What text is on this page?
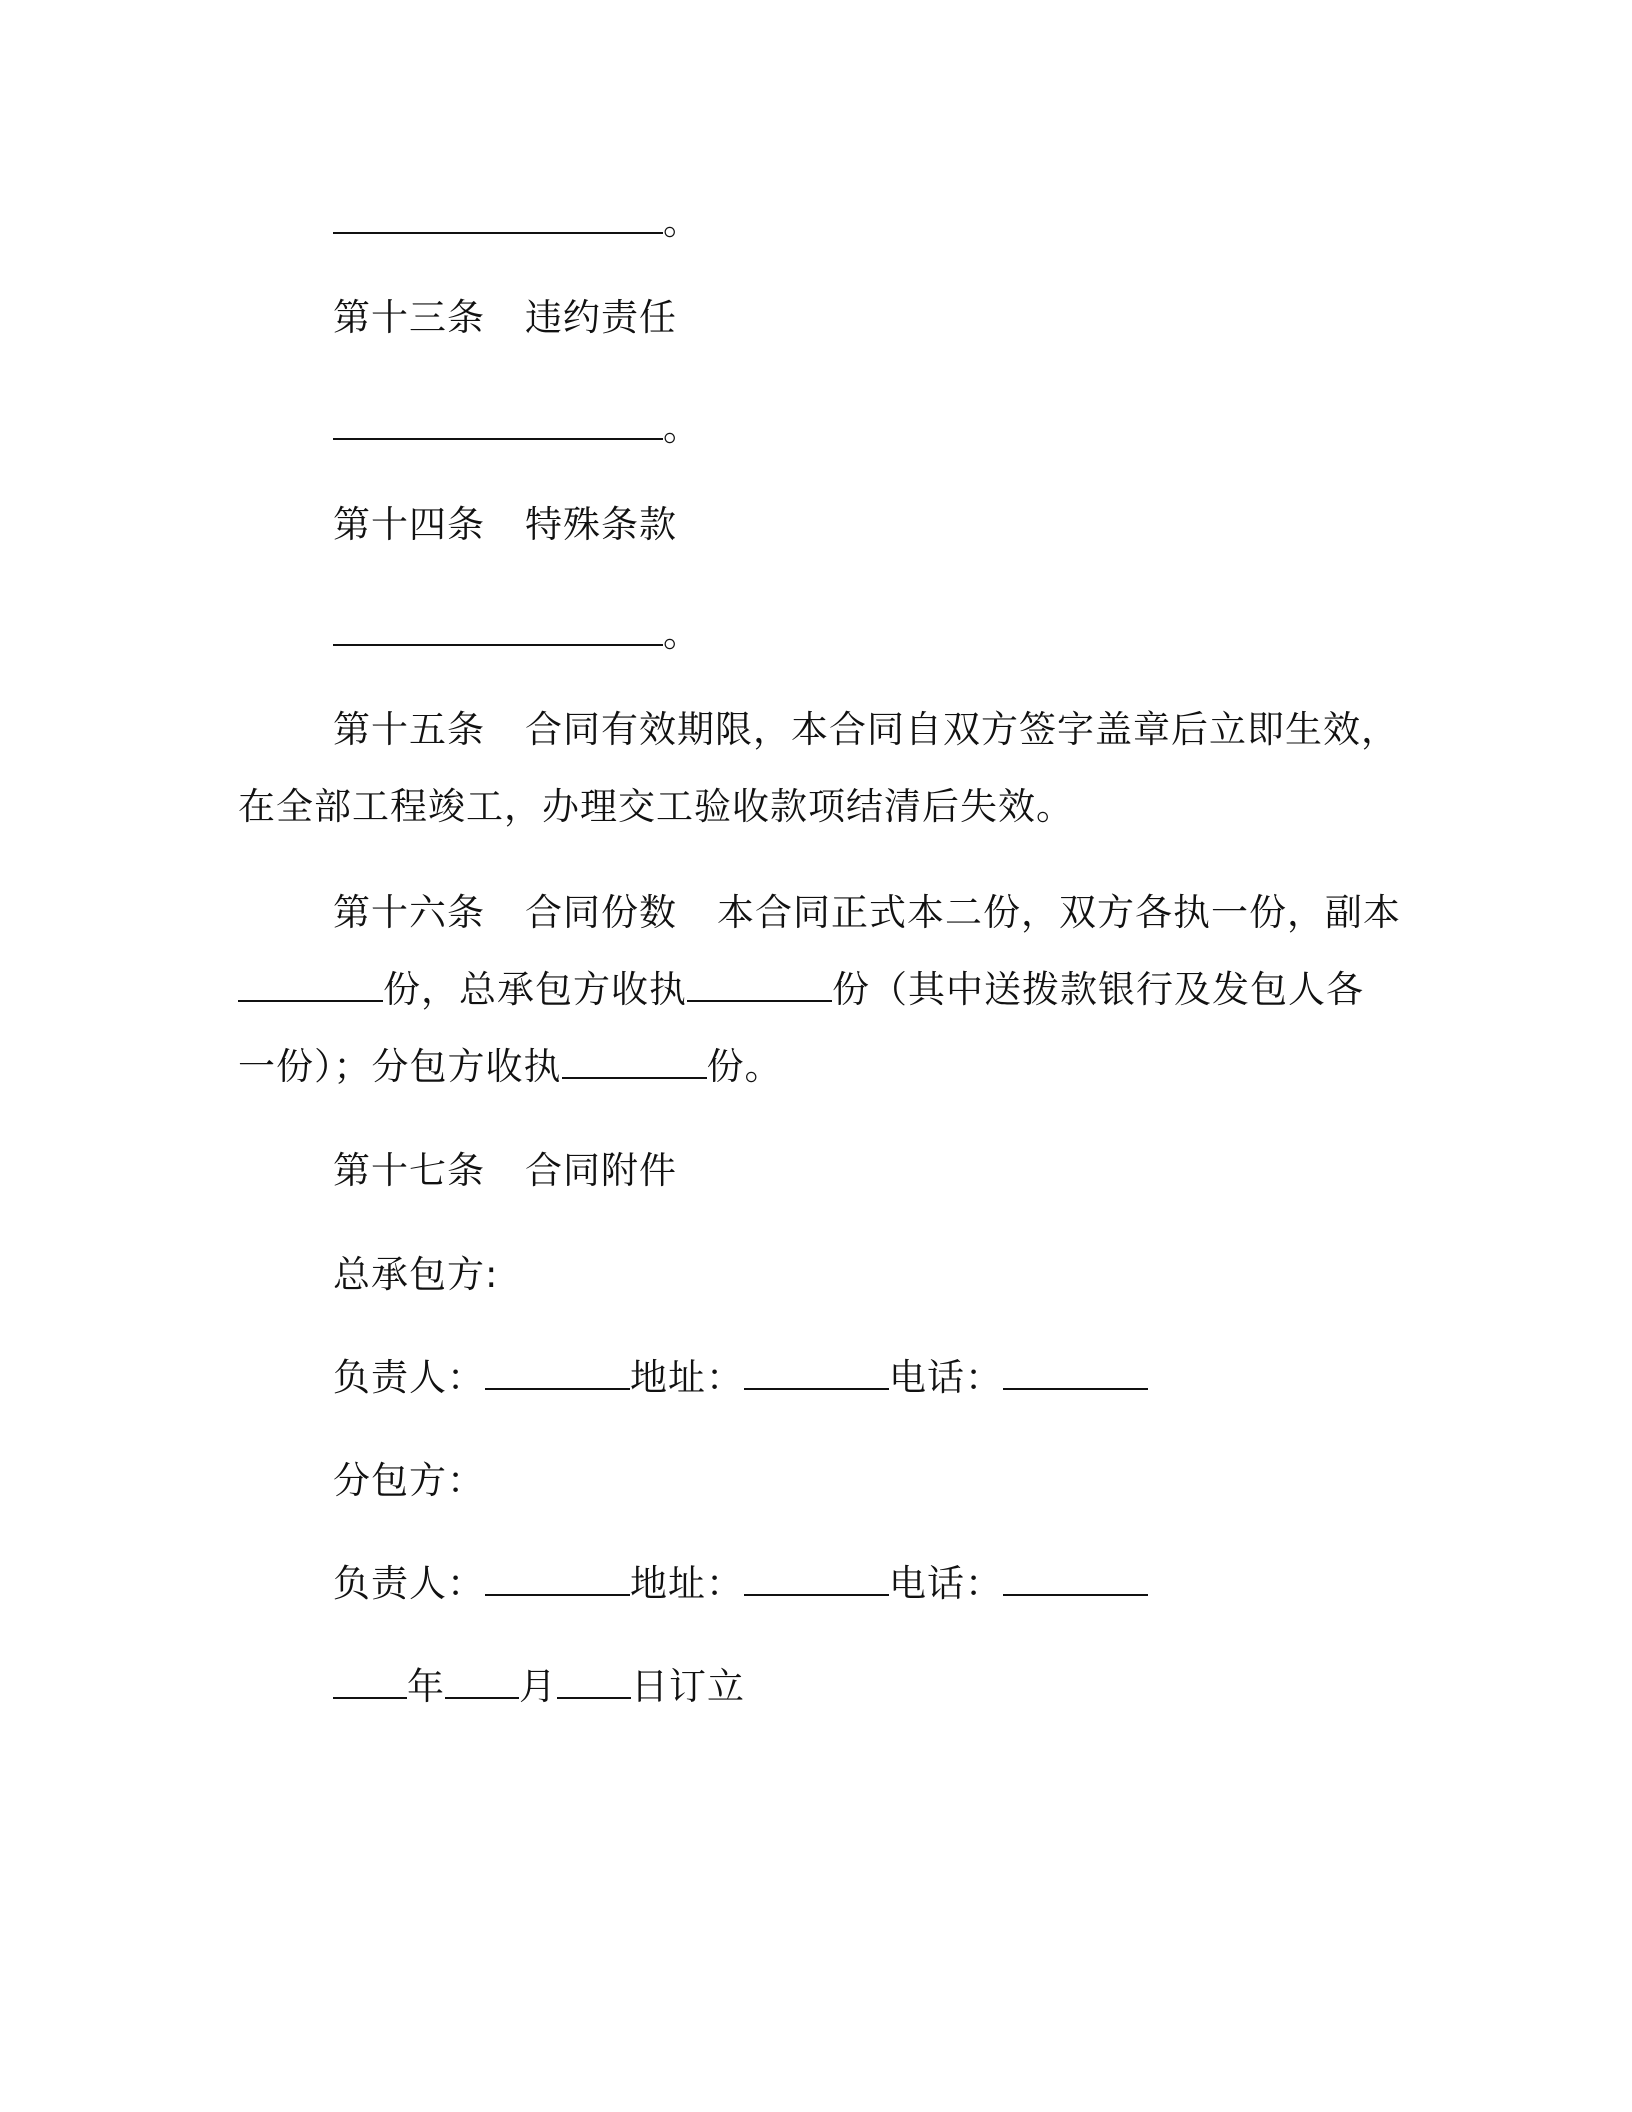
。
第十三条 违约责任
。
第十四条 特殊条款
。
第十五条 合同有效期限，本合同自双方签字盖章后立即生效，
在全部工程竣工，办理交工验收款项结清后失效。
第十六条 合同份数 本合同正式本二份，双方各执一份，副本
份，总承包方收执	份（其中送拨款银行及发包人各
一份）；分包方收执	份。
第十七条 合同附件
总承包方:
负责人：	地址：	电话：
分包方：
负责人：	地址：	电话：
年 月 日订立
